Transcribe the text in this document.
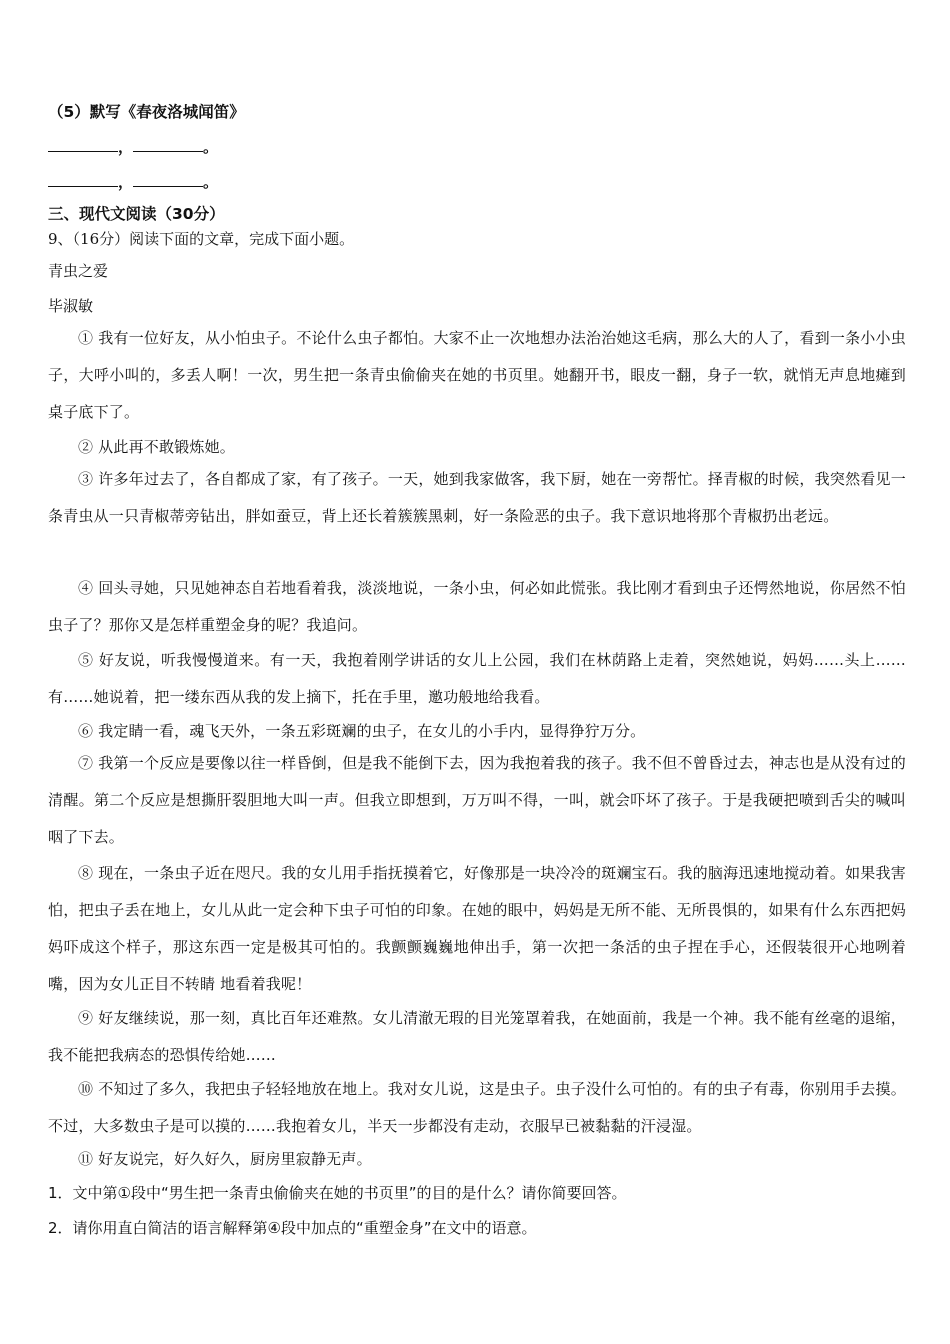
（5）默写《春夜洛城闻笛》
，	。
，	。
三、现代文阅读（30分）
9、（16分）阅读下面的文章，完成下面小题。
青虫之爱
毕淑敏
① 我有一位好友，从小怕虫子。不论什么虫子都怕。大家不止一次地想办法治治她这毛病，那么大的人了，看到一条小小虫子，大呼小叫的，多丢人啊！一次，男生把一条青虫偷偷夹在她的书页里。她翻开书，眼皮一翻，身子一软，就悄无声息地瘫到桌子底下了。
② 从此再不敢锻炼她。
③ 许多年过去了，各自都成了家，有了孩子。一天，她到我家做客，我下厨，她在一旁帮忙。择青椒的时候，我突然看见一条青虫从一只青椒蒂旁钻出，胖如蚕豆，背上还长着簇簇黑刺，好一条险恶的虫子。我下意识地将那个青椒扔出老远。
④ 回头寻她，只见她神态自若地看着我，淡淡地说，一条小虫，何必如此慌张。我比刚才看到虫子还愕然地说，你居然不怕虫子了？那你又是怎样重塑金身的呢？我追问。
⑤ 好友说，听我慢慢道来。有一天，我抱着刚学讲话的女儿上公园，我们在林荫路上走着，突然她说，妈妈……头上……有……她说着，把一缕东西从我的发上摘下，托在手里，邀功般地给我看。
⑥ 我定睛一看，魂飞天外，一条五彩斑斓的虫子，在女儿的小手内，显得狰狞万分。
⑦ 我第一个反应是要像以往一样昏倒，但是我不能倒下去，因为我抱着我的孩子。我不但不曾昏过去，神志也是从没有过的清醒。第二个反应是想撕肝裂胆地大叫一声。但我立即想到，万万叫不得，一叫，就会吓坏了孩子。于是我硬把喷到舌尖的喊叫咽了下去。
⑧ 现在，一条虫子近在咫尺。我的女儿用手指抚摸着它，好像那是一块冷冷的斑斓宝石。我的脑海迅速地搅动着。如果我害怕，把虫子丢在地上，女儿从此一定会种下虫子可怕的印象。在她的眼中，妈妈是无所不能、无所畏惧的，如果有什么东西把妈妈吓成这个样子，那这东西一定是极其可怕的。我颤颤巍巍地伸出手，第一次把一条活的虫子捏在手心，还假装很开心地咧着嘴，因为女儿正目不转睛 地看着我呢！
⑨ 好友继续说，那一刻，真比百年还难熬。女儿清澈无瑕的目光笼罩着我，在她面前，我是一个神。我不能有丝毫的退缩，我不能把我病态的恐惧传给她……
⑩ 不知过了多久，我把虫子轻轻地放在地上。我对女儿说，这是虫子。虫子没什么可怕的。有的虫子有毒，你别用手去摸。不过，大多数虫子是可以摸的……我抱着女儿，半天一步都没有走动，衣服早已被黏黏的汗浸湿。
⑪ 好友说完，好久好久，厨房里寂静无声。
1．文中第①段中“男生把一条青虫偷偷夹在她的书页里”的目的是什么？请你简要回答。
2．请你用直白简洁的语言解释第④段中加点的“重塑金身”在文中的语意。
